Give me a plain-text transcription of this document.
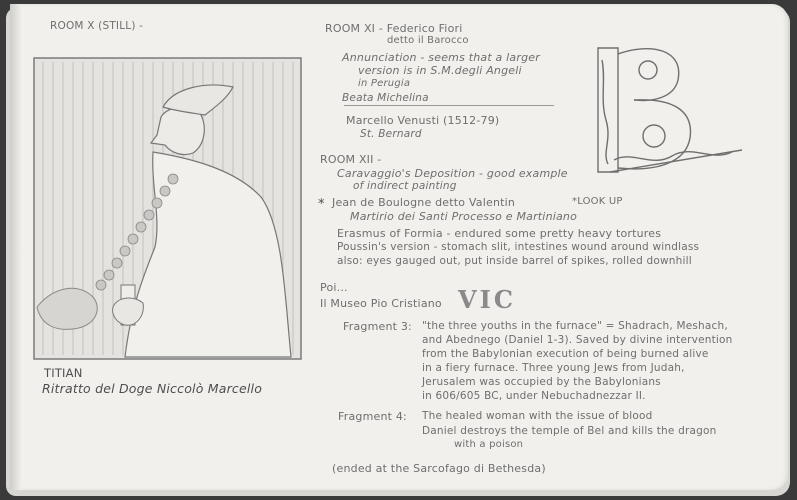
ROOM X (STILL) -
TITIAN
Ritratto del Doge Niccolò Marcello
ROOM XI - Federico Fiori
detto il Barocco
Annunciation - seems that a larger
version is in S.M.degli Angeli
in Perugia
Beata Michelina
Marcello Venusti (1512-79)
St. Bernard
ROOM XII -
Caravaggio's Deposition - good example
of indirect painting
* Jean de Boulogne detto Valentin	*LOOK UP
Martirio dei Santi Processo e Martiniano
Erasmus of Formia - endured some pretty heavy tortures
Poussin's version - stomach slit, intestines wound around windlass
also: eyes gauged out, put inside barrel of spikes, rolled downhill
Poi...
Il Museo Pio Cristiano VIC
Fragment 3: "the three youths in the furnace" = Shadrach, Meshach,
and Abednego (Daniel 1-3). Saved by divine intervention
from the Babylonian execution of being burned alive
in a fiery furnace. Three young Jews from Judah,
Jerusalem was occupied by the Babylonians
in 606/605 BC, under Nebuchadnezzar II.
Fragment 4: The healed woman with the issue of blood
Daniel destroys the temple of Bel and kills the dragon
with a poison
(ended at the Sarcofago di Bethesda)
